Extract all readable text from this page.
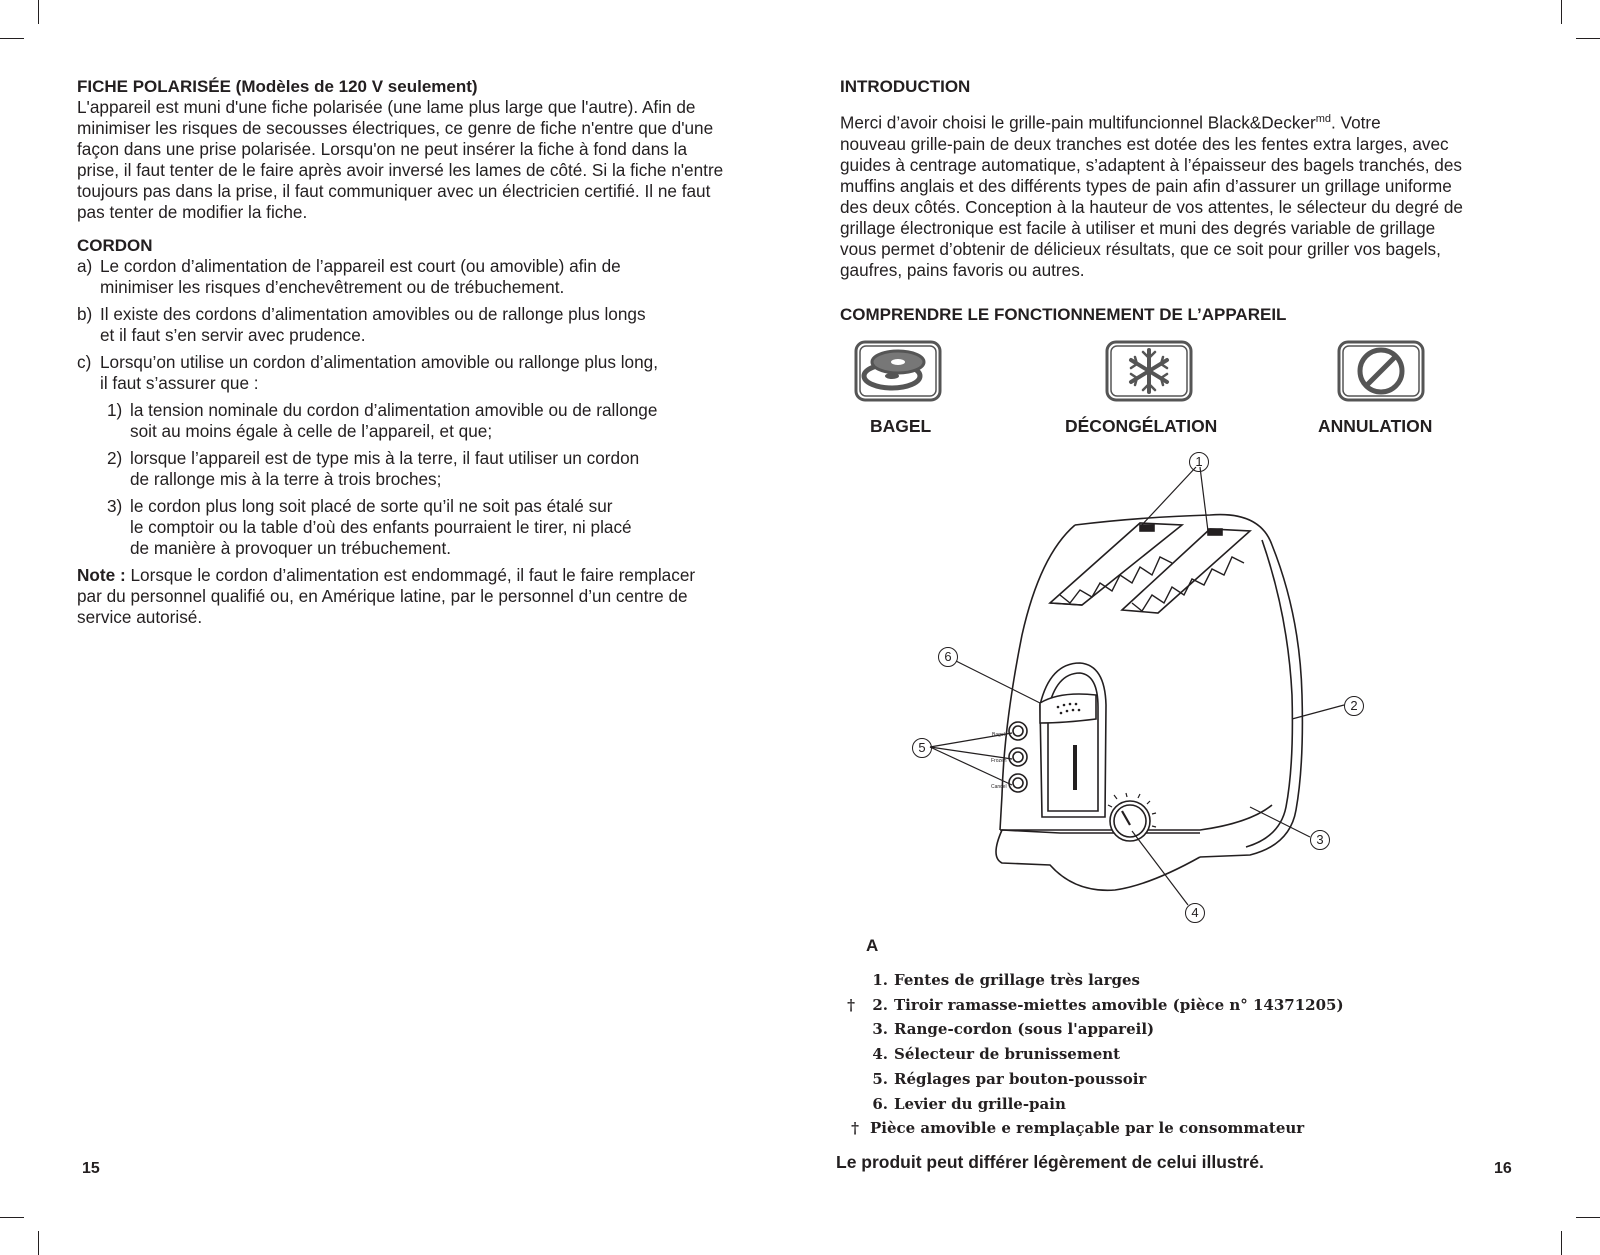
FICHE POLARISÉE (Modèles de 120 V seulement)
L'appareil est muni d'une fiche polarisée (une lame plus large que l'autre). Afin de
minimiser les risques de secousses électriques, ce genre de fiche n'entre que d'une
façon dans une prise polarisée. Lorsqu'on ne peut insérer la fiche à fond dans la
prise, il faut tenter de le faire après avoir inversé les lames de côté. Si la fiche n'entre
toujours pas dans la prise, il faut communiquer avec un électricien certifié. Il ne faut
pas tenter de modifier la fiche.
CORDON
a) Le cordon d’alimentation de l’appareil est court (ou amovible) afin de
minimiser les risques d’enchevêtrement ou de trébuchement.
b) Il existe des cordons d’alimentation amovibles ou de rallonge plus longs
et il faut s’en servir avec prudence.
c) Lorsqu’on utilise un cordon d’alimentation amovible ou rallonge plus long,
il faut s’assurer que :
1) la tension nominale du cordon d’alimentation amovible ou de rallonge
soit au moins égale à celle de l’appareil, et que;
2) lorsque l’appareil est de type mis à la terre, il faut utiliser un cordon
de rallonge mis à la terre à trois broches;
3) le cordon plus long soit placé de sorte qu’il ne soit pas étalé sur
le comptoir ou la table d’où des enfants pourraient le tirer, ni placé
de manière à provoquer un trébuchement.
Note : Lorsque le cordon d’alimentation est endommagé, il faut le faire remplacer
par du personnel qualifié ou, en Amérique latine, par le personnel d’un centre de
service autorisé.
15
INTRODUCTION
Merci d’avoir choisi le grille-pain multifuncionnel Black&Decker$^{md}$. Votre
nouveau grille-pain de deux tranches est dotée des les fentes extra larges, avec
guides à centrage automatique, s’adaptent à l’épaisseur des bagels tranchés, des
muffins anglais et des différents types de pain afin d’assurer un grillage uniforme
des deux côtés. Conception à la hauteur de vos attentes, le sélecteur du degré de
grillage électronique est facile à utiliser et muni des degrés variable de grillage
vous permet d’obtenir de délicieux résultats, que ce soit pour griller vos bagels,
gaufres, pains favoris ou autres.
COMPRENDRE LE FONCTIONNEMENT DE L’APPAREIL
BAGEL	DÉCONGÉLATION	ANNULATION
Bagel
Frozen
Cancel
1
2
3
4
5
6
A
1. Fentes de grillage très larges
†	2. Tiroir ramasse-miettes amovible (pièce n° 14371205)
3. Range-cordon (sous l'appareil)
4. Sélecteur de brunissement
5. Réglages par bouton-poussoir
6. Levier du grille-pain
† Pièce amovible e remplaçable par le consommateur
Le produit peut différer légèrement de celui illustré.	16
